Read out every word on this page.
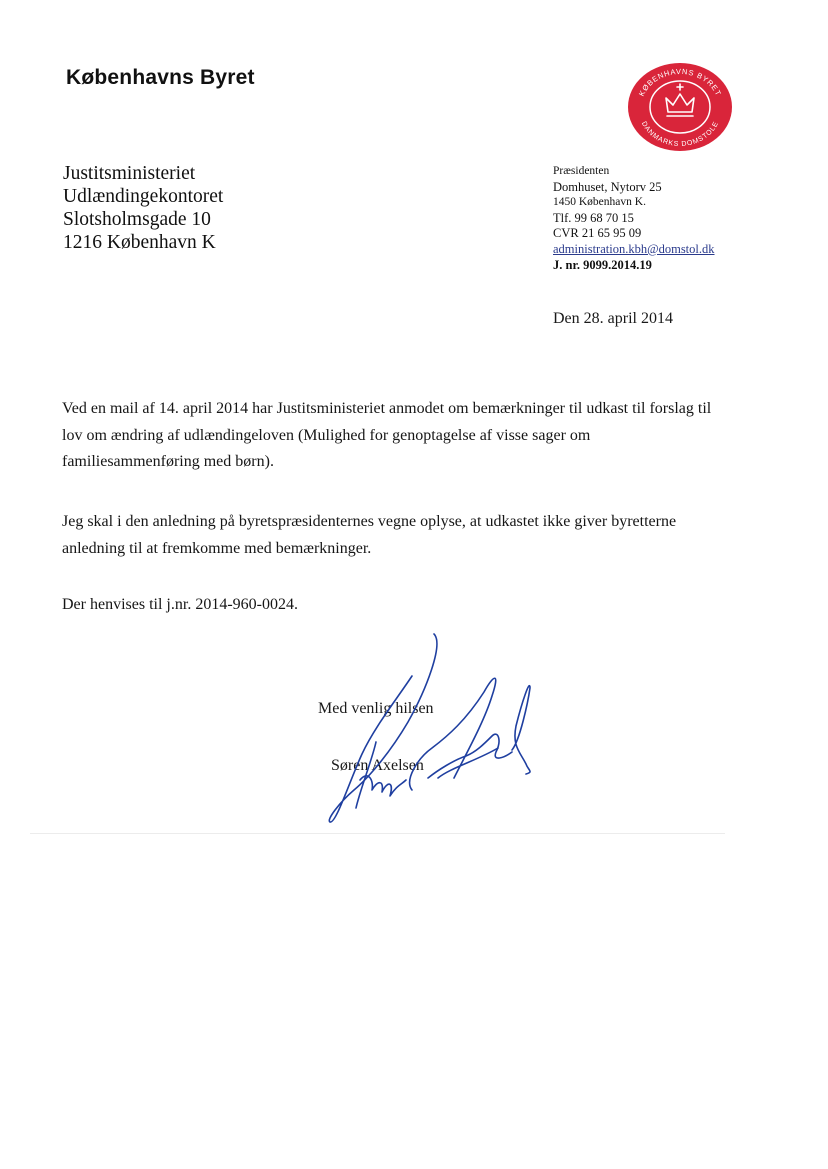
Københavns Byret
KØBENHAVNS BYRET
DANMARKS DOMSTOLE
Justitsministeriet
Udlændingekontoret
Slotsholmsgade 10
1216 København K
Præsidenten
Domhuset, Nytorv 25
1450 København K.
Tlf. 99 68 70 15
CVR 21 65 95 09
administration.kbh@domstol.dk
J. nr. 9099.2014.19
Den 28. april 2014
Ved en mail af 14. april 2014 har Justitsministeriet anmodet om bemærkninger til udkast til forslag til lov om ændring af udlændingeloven (Mulighed for genoptagelse af visse sager om familiesammenføring med børn).
Jeg skal i den anledning på byretspræsidenternes vegne oplyse, at udkastet ikke giver byretterne anledning til at fremkomme med bemærkninger.
Der henvises til j.nr. 2014-960-0024.
Med venlig hilsen
Søren Axelsen
